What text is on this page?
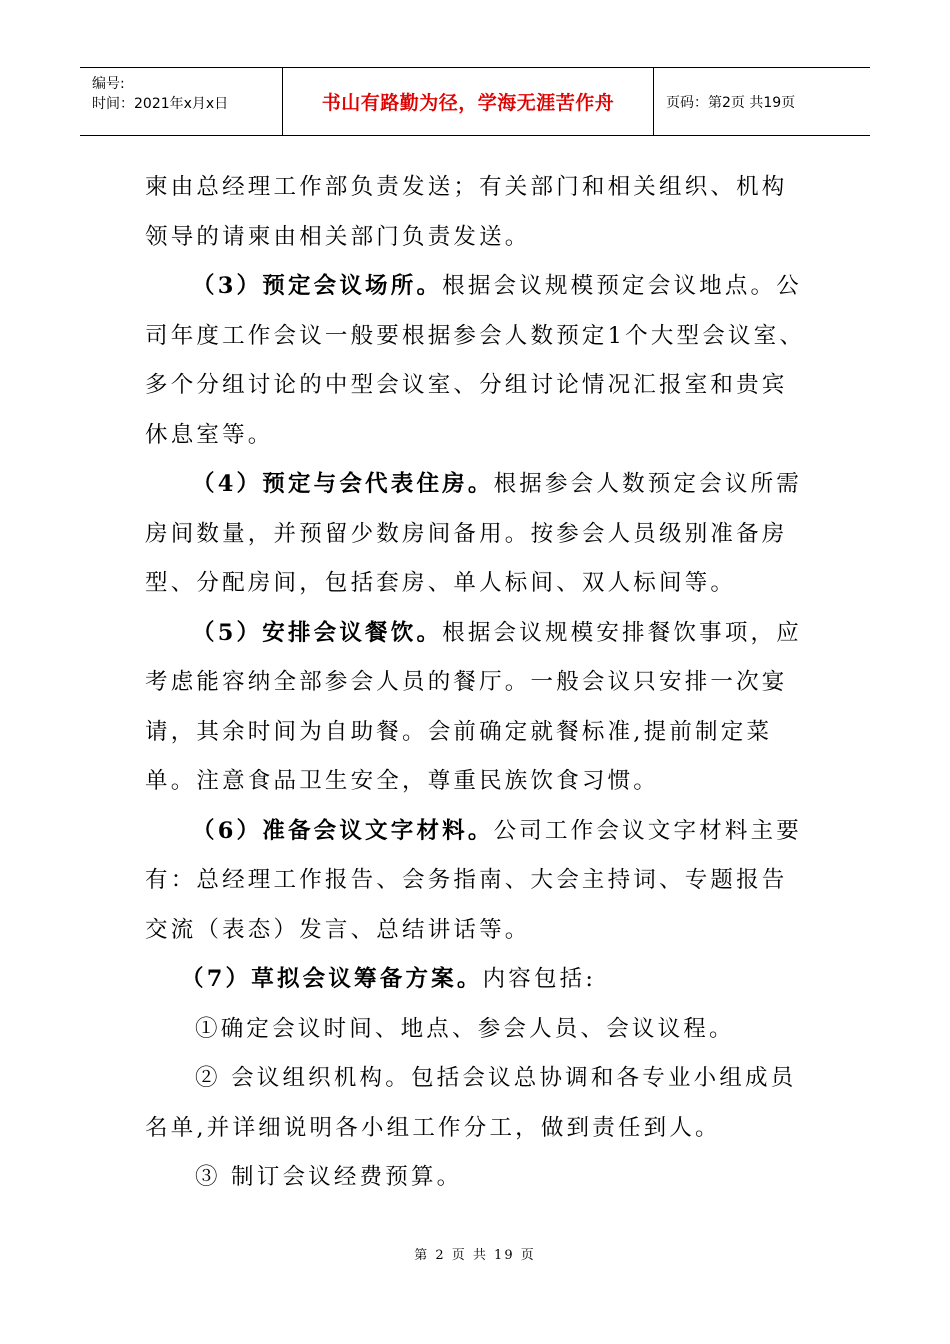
编号:
时间：2021年x月x日	书山有路勤为径，学海无涯苦作舟	页码：第2页 共19页

柬由总经理工作部负责发送；有关部门和相关组织、机构领导的请柬由相关部门负责发送。

（3）预定会议场所。根据会议规模预定会议地点。公司年度工作会议一般要根据参会人数预定1个大型会议室、多个分组讨论的中型会议室、分组讨论情况汇报室和贵宾休息室等。

（4）预定与会代表住房。根据参会人数预定会议所需房间数量，并预留少数房间备用。按参会人员级别准备房型、分配房间，包括套房、单人标间、双人标间等。

（5）安排会议餐饮。根据会议规模安排餐饮事项，应考虑能容纳全部参会人员的餐厅。一般会议只安排一次宴请，其余时间为自助餐。会前确定就餐标准,提前制定菜单。注意食品卫生安全，尊重民族饮食习惯。

（6）准备会议文字材料。公司工作会议文字材料主要有：总经理工作报告、会务指南、大会主持词、专题报告交流（表态）发言、总结讲话等。

（7）草拟会议筹备方案。内容包括:

①确定会议时间、地点、参会人员、会议议程。

② 会议组织机构。包括会议总协调和各专业小组成员名单,并详细说明各小组工作分工，做到责任到人。

③ 制订会议经费预算。

第 2 页 共 19 页
